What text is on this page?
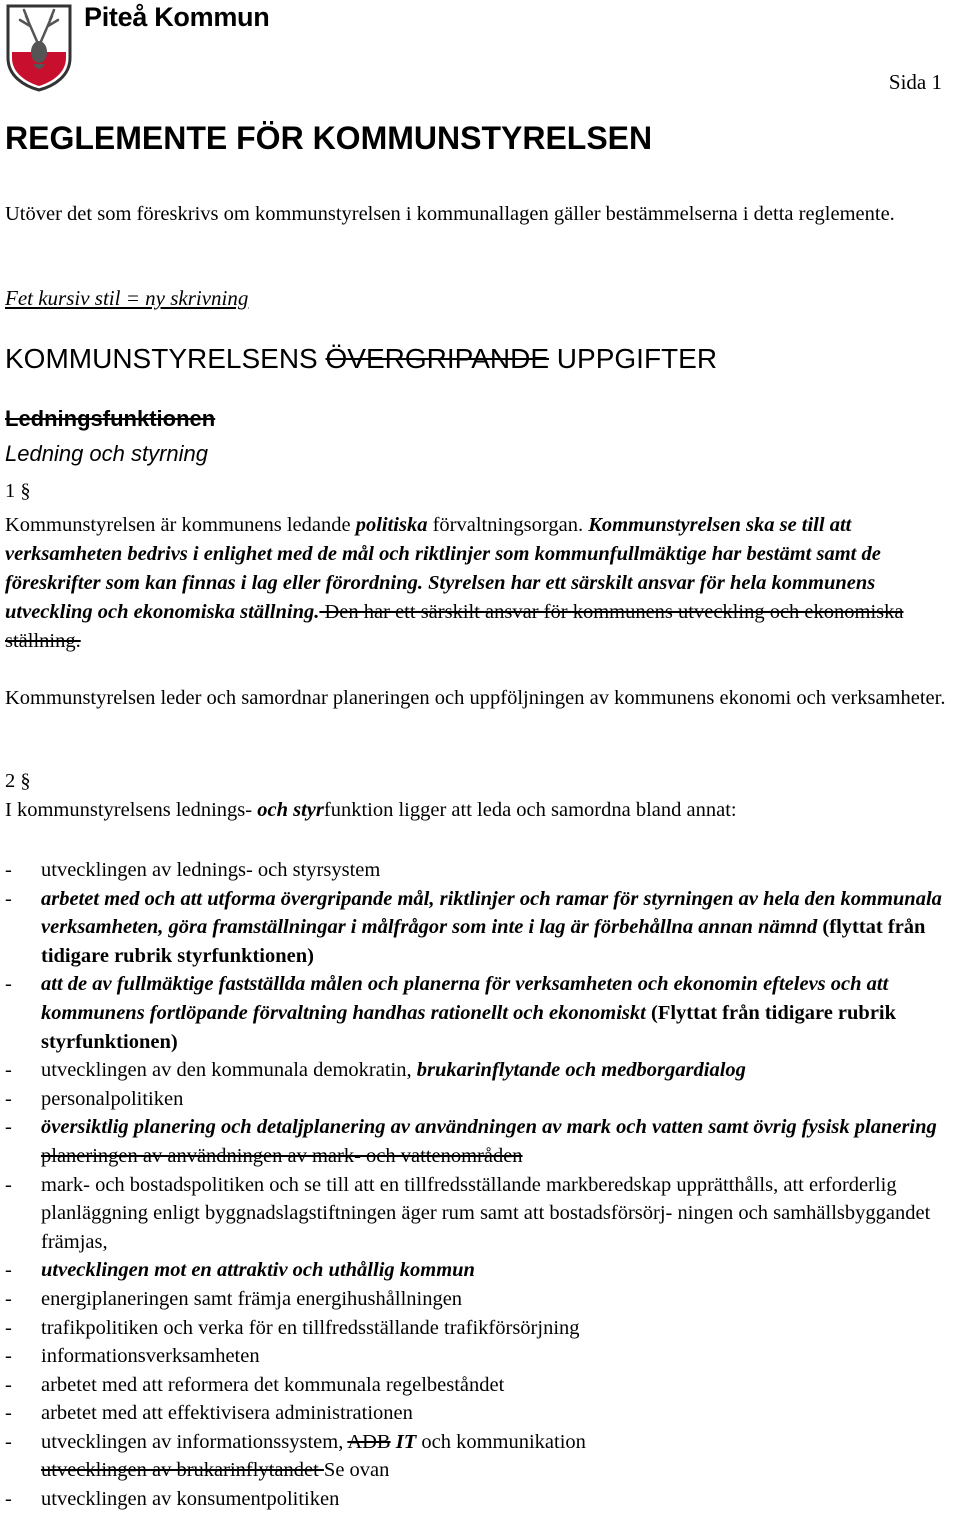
Piteå Kommun
Sida 1
REGLEMENTE FÖR KOMMUNSTYRELSEN
Utöver det som föreskrivs om kommunstyrelsen i kommunallagen gäller bestämmelserna i detta reglemente.
Fet kursiv stil = ny skrivning
KOMMUNSTYRELSENS ÖVERGRIPANDE UPPGIFTER
Ledningsfunktionen
Ledning och styrning
1 §
Kommunstyrelsen är kommunens ledande politiska förvaltningsorgan. Kommunstyrelsen ska se till att verksamheten bedrivs i enlighet med de mål och riktlinjer som kommunfullmäktige har bestämt samt de föreskrifter som kan finnas i lag eller förordning. Styrelsen har ett särskilt ansvar för hela kommunens utveckling och ekonomiska ställning. Den har ett särskilt ansvar för kommunens utveckling och ekonomiska ställning.
Kommunstyrelsen leder och samordnar planeringen och uppföljningen av kommunens ekonomi och verksamheter.
2 §
I kommunstyrelsens lednings- och styrfunktion ligger att leda och samordna bland annat:
-	utvecklingen av lednings- och styrsystem
-	arbetet med och att utforma övergripande mål, riktlinjer och ramar för styrningen av hela den kommunala verksamheten, göra framställningar i målfrågor som inte i lag är förbehållna annan nämnd (flyttat från tidigare rubrik styrfunktionen)
-	att de av fullmäktige fastställda målen och planerna för verksamheten och ekonomin eftelevs och att kommunens fortlöpande förvaltning handhas rationellt och ekonomiskt (Flyttat från tidigare rubrik styrfunktionen)
-	utvecklingen av den kommunala demokratin, brukarinflytande och medborgardialog
-	personalpolitiken
-	översiktlig planering och detaljplanering av användningen av mark och vatten samt övrig fysisk planering planeringen av användningen av mark- och vattenområden
-	mark- och bostadspolitiken och se till att en tillfredsställande markberedskap upprätthålls, att erforderlig planläggning enligt byggnadslagstiftningen äger rum samt att bostadsförsörj- ningen och samhällsbyggandet främjas,
-	utvecklingen mot en attraktiv och uthållig kommun
-	energiplaneringen samt främja energihushållningen
-	trafikpolitiken och verka för en tillfredsställande trafikförsörjning
-	informationsverksamheten
-	arbetet med att reformera det kommunala regelbeståndet
-	arbetet med att effektivisera administrationen
-	utvecklingen av informationssystem, ADB IT och kommunikation
utvecklingen av brukarinflytandet Se ovan
-	utvecklingen av konsumentpolitiken
